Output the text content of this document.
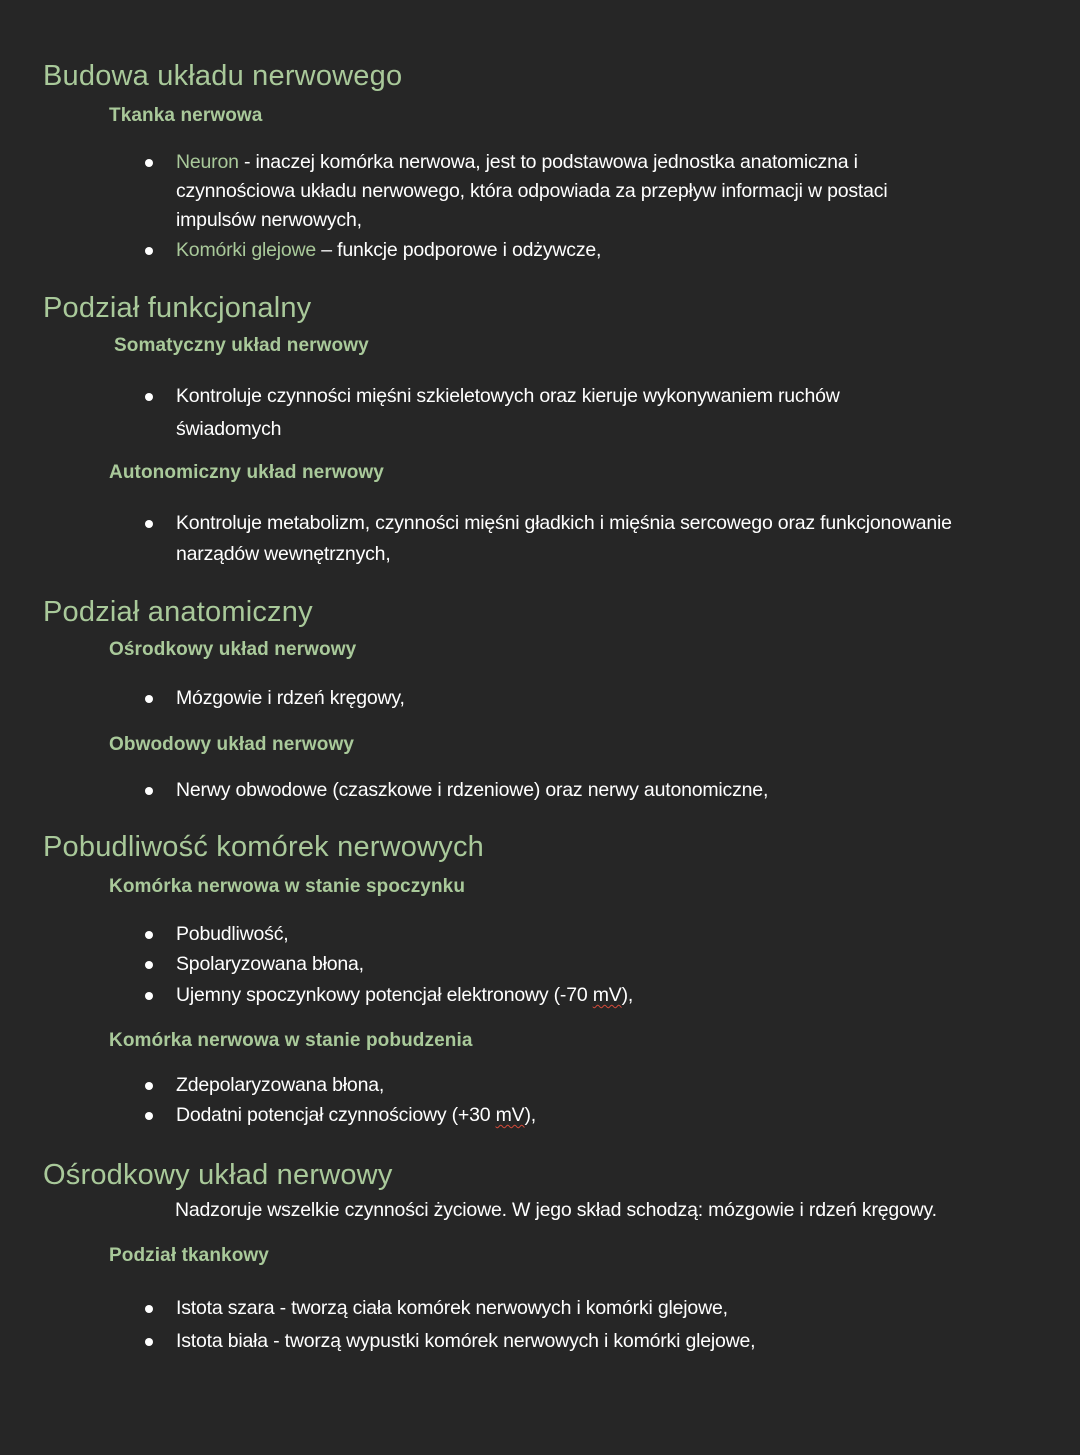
Budowa układu nerwowego
Tkanka nerwowa
Neuron - inaczej komórka nerwowa, jest to podstawowa jednostka anatomiczna i
czynnościowa układu nerwowego, która odpowiada za przepływ informacji w postaci
impulsów nerwowych,
Komórki glejowe – funkcje podporowe i odżywcze,
Podział funkcjonalny
Somatyczny układ nerwowy
Kontroluje czynności mięśni szkieletowych oraz kieruje wykonywaniem ruchów
świadomych
Autonomiczny układ nerwowy
Kontroluje metabolizm, czynności mięśni gładkich i mięśnia sercowego oraz funkcjonowanie
narządów wewnętrznych,
Podział anatomiczny
Ośrodkowy układ nerwowy
Mózgowie i rdzeń kręgowy,
Obwodowy układ nerwowy
Nerwy obwodowe (czaszkowe i rdzeniowe) oraz nerwy autonomiczne,
Pobudliwość komórek nerwowych
Komórka nerwowa w stanie spoczynku
Pobudliwość,
Spolaryzowana błona,
Ujemny spoczynkowy potencjał elektronowy (-70 mV),
Komórka nerwowa w stanie pobudzenia
Zdepolaryzowana błona,
Dodatni potencjał czynnościowy (+30 mV),
Ośrodkowy układ nerwowy
Nadzoruje wszelkie czynności życiowe. W jego skład schodzą: mózgowie i rdzeń kręgowy.
Podział tkankowy
Istota szara - tworzą ciała komórek nerwowych i komórki glejowe,
Istota biała - tworzą wypustki komórek nerwowych i komórki glejowe,
